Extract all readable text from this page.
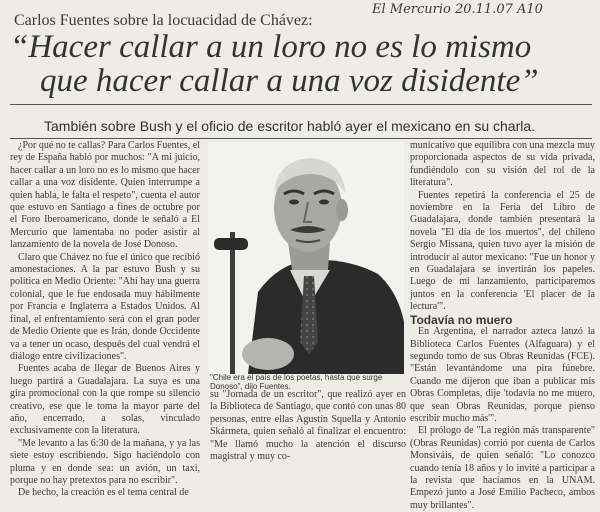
El Mercurio 20.11.07 A10
Carlos Fuentes sobre la locuacidad de Chávez:
“Hacer callar a un loro no es lo mismo
que hacer callar a una voz disidente”
También sobre Bush y el oficio de escritor habló ayer el mexicano en su charla.

¿Por qué no te callas? Para Carlos Fuentes, el rey de España habló por muchos: "A mi juicio, hacer callar a un loro no es lo mismo que hacer callar a una voz disidente. Quien interrumpe a quien habla, le falta el respeto", cuenta el autor que estuvo en Santiago a fines de octubre por el Foro Iberoamericano, donde le señaló a El Mercurio que lamentaba no poder asistir al lanzamiento de la novela de José Donoso.

Claro que Chávez no fue el único que recibió amonestaciones. A la par estuvo Bush y su política en Medio Oriente: "Ahí hay una guerra colonial, que le fue endosada muy hábilmente por Francia e Inglaterra a Estados Unidos. Al final, el enfrentamiento será con el gran poder de Medio Oriente que es Irán, donde Occidente va a tener un ocaso, después del cual vendrá el diálogo entre civilizaciones".

Fuentes acaba de llegar de Buenos Aires y luego partirá a Guadalajara. La suya es una gira promocional con la que rompe su silencio creativo, ese que le toma la mayor parte del año, encerrado, a solas, vinculado exclusivamente con la literatura.

"Me levanto a las 6:30 de la mañana, y ya las siete estoy escribiendo. Sigo haciéndolo con pluma y en donde sea: un avión, un taxi, porque no hay pretextos para no escribir".

De hecho, la creación es el tema central de

"Chile era el país de los poetas, hasta que surge Donoso", dijo Fuentes.

su "Jornada de un escritor", que realizó ayer en la Biblioteca de Santiago, que contó con unas 80 personas, entre ellas Agustín Squella y Antonio Skármeta, quien señaló al finalizar el encuentro: "Me llamó mucho la atención el discurso magistral y muy co-

municativo que equilibra con una mezcla muy proporcionada aspectos de su vida privada, fundiéndolo con su visión del rol de la literatura".

Fuentes repetirá la conferencia el 25 de noviembre en la Feria del Libro de Guadalajara, donde también presentará la novela "El día de los muertos", del chileno Sergio Missana, quien tuvo ayer la misión de introducir al autor mexicano: "Fue un honor y en Guadalajara se invertirán los papeles. Luego de mi lanzamiento, participaremos juntos en la conferencia 'El placer de la lectura'".

Todavía no muero

En Argentina, el narrador azteca lanzó la Biblioteca Carlos Fuentes (Alfaguara) y el segundo tomo de sus Obras Reunidas (FCE). "Están levantándome una pira fúnebre. Cuando me dijeron que iban a publicar mis Obras Completas, dije 'todavía no me muero, que sean Obras Reunidas, porque pienso escribir mucho más'".

El prólogo de "La región más transparente" (Obras Reunidas) corrió por cuenta de Carlos Monsiváis, de quien señaló: "Lo conozco cuando tenía 18 años y lo invité a participar a la revista que hacíamos en la UNAM. Empezó junto a José Emilio Pacheco, ambos muy brillantes".
